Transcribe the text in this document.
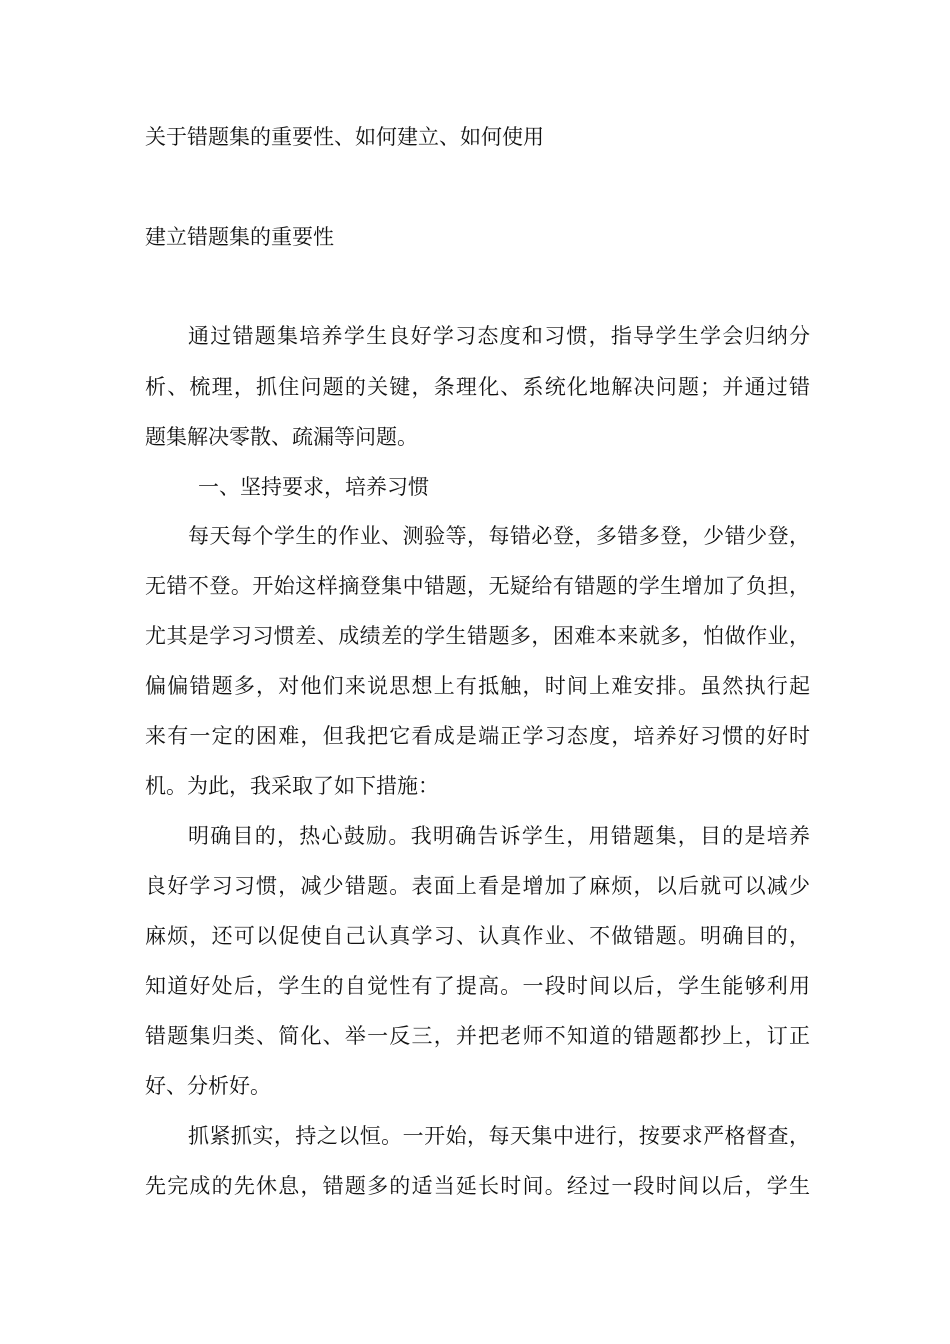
关于错题集的重要性、如何建立、如何使用
建立错题集的重要性
通过错题集培养学生良好学习态度和习惯，指导学生学会归纳分
析、梳理，抓住问题的关键，条理化、系统化地解决问题；并通过错
题集解决零散、疏漏等问题。
一、坚持要求，培养习惯
每天每个学生的作业、测验等，每错必登，多错多登，少错少登，
无错不登。开始这样摘登集中错题，无疑给有错题的学生增加了负担，
尤其是学习习惯差、成绩差的学生错题多，困难本来就多，怕做作业，
偏偏错题多，对他们来说思想上有抵触，时间上难安排。虽然执行起
来有一定的困难，但我把它看成是端正学习态度，培养好习惯的好时
机。为此，我采取了如下措施：
明确目的，热心鼓励。我明确告诉学生，用错题集，目的是培养
良好学习习惯，减少错题。表面上看是增加了麻烦，以后就可以减少
麻烦，还可以促使自己认真学习、认真作业、不做错题。明确目的，
知道好处后，学生的自觉性有了提高。一段时间以后，学生能够利用
错题集归类、简化、举一反三，并把老师不知道的错题都抄上，订正
好、分析好。
抓紧抓实，持之以恒。一开始，每天集中进行，按要求严格督查，
先完成的先休息，错题多的适当延长时间。经过一段时间以后，学生
